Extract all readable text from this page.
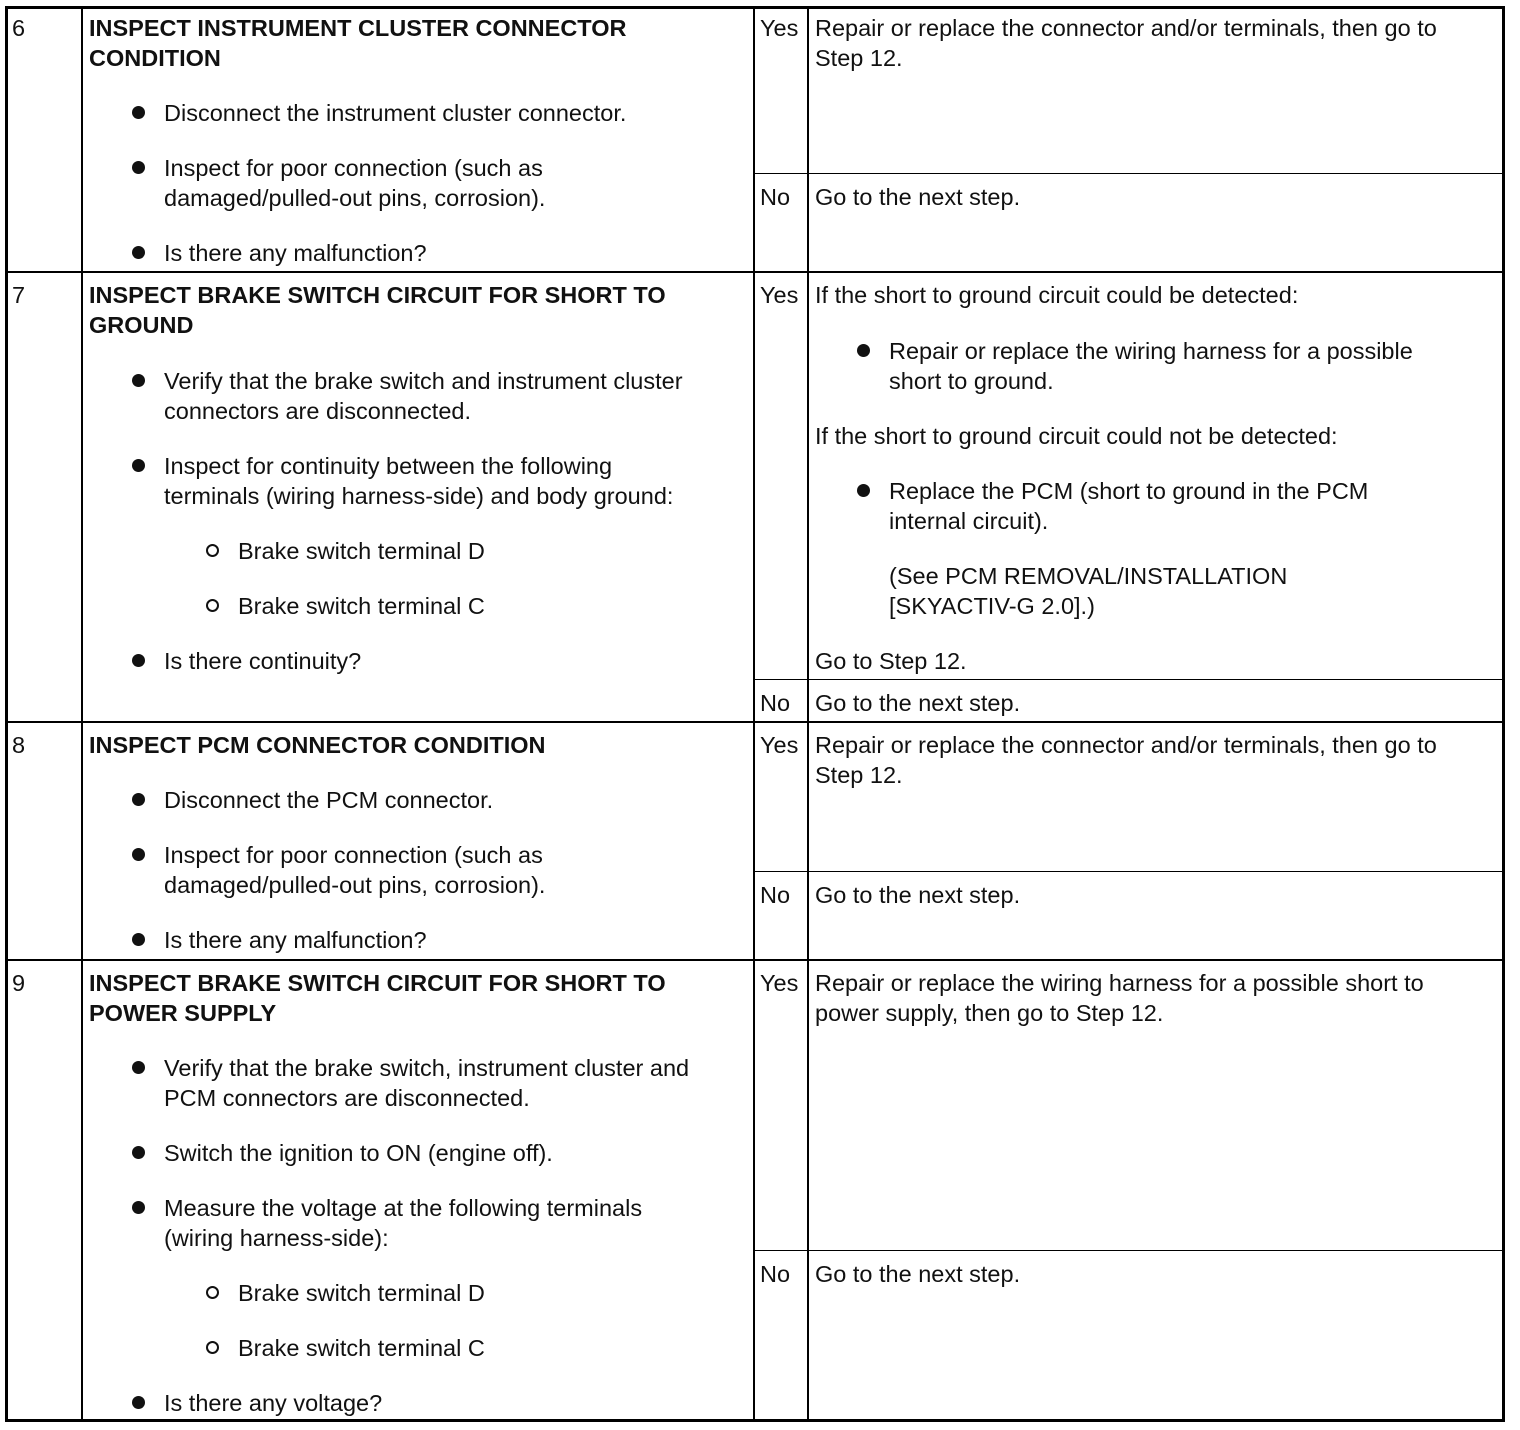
6	INSPECT INSTRUMENT CLUSTER CONNECTOR
CONDITION
Disconnect the instrument cluster connector.
Inspect for poor connection (such as
damaged/pulled-out pins, corrosion).
Is there any malfunction?
Yes Repair or replace the connector and/or terminals, then go to
Step 12.
No Go to the next step.
7	INSPECT BRAKE SWITCH CIRCUIT FOR SHORT TO
GROUND
Verify that the brake switch and instrument cluster
connectors are disconnected.
Inspect for continuity between the following
terminals (wiring harness-side) and body ground:
Brake switch terminal D
Brake switch terminal C
Is there continuity?
Yes If the short to ground circuit could be detected:
Repair or replace the wiring harness for a possible
short to ground.
If the short to ground circuit could not be detected:
Replace the PCM (short to ground in the PCM
internal circuit).
(See PCM REMOVAL/INSTALLATION
[SKYACTIV-G 2.0].)
Go to Step 12.
No Go to the next step.
8	INSPECT PCM CONNECTOR CONDITION
Disconnect the PCM connector.
Inspect for poor connection (such as
damaged/pulled-out pins, corrosion).
Is there any malfunction?
Yes Repair or replace the connector and/or terminals, then go to
Step 12.
No Go to the next step.
9	INSPECT BRAKE SWITCH CIRCUIT FOR SHORT TO
POWER SUPPLY
Verify that the brake switch, instrument cluster and
PCM connectors are disconnected.
Switch the ignition to ON (engine off).
Measure the voltage at the following terminals
(wiring harness-side):
Brake switch terminal D
Brake switch terminal C
Is there any voltage?
Yes Repair or replace the wiring harness for a possible short to
power supply, then go to Step 12.
No Go to the next step.
